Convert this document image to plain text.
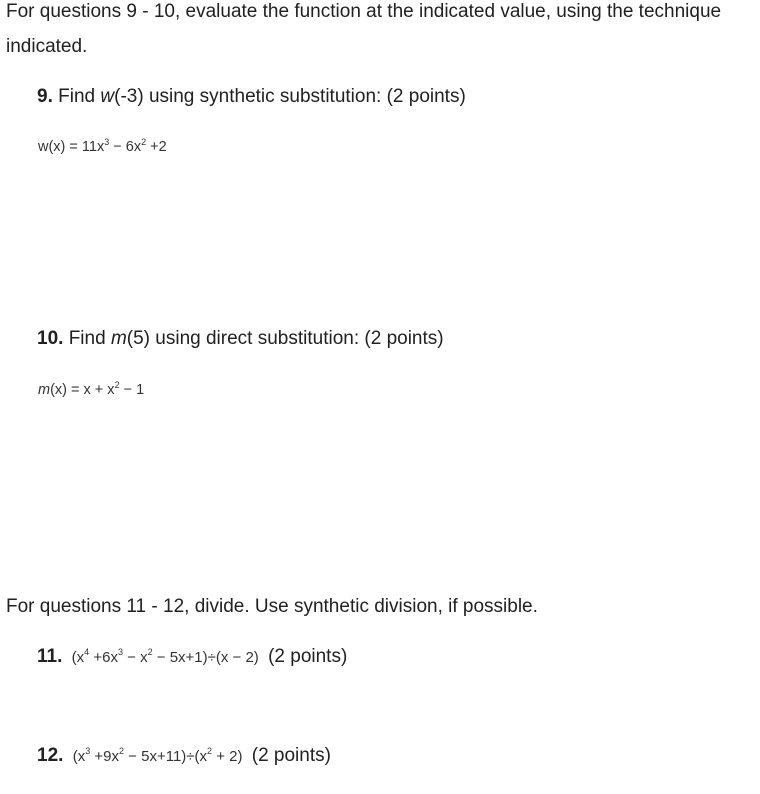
For questions 9 - 10, evaluate the function at the indicated value, using the technique
indicated.
9. Find w(-3) using synthetic substitution: (2 points)
$w(x) = 11x^3 - 6x^2 +2$
10. Find m(5) using direct substitution: (2 points)
$m(x) = x + x^2 - 1$
For questions 11 - 12, divide. Use synthetic division, if possible.
11. $(x^4 +6x^3 - x^2 - 5x+1)\div(x - 2)$ (2 points)
12. $(x^3 +9x^2 - 5x+11)\div(x^2 + 2)$ (2 points)
